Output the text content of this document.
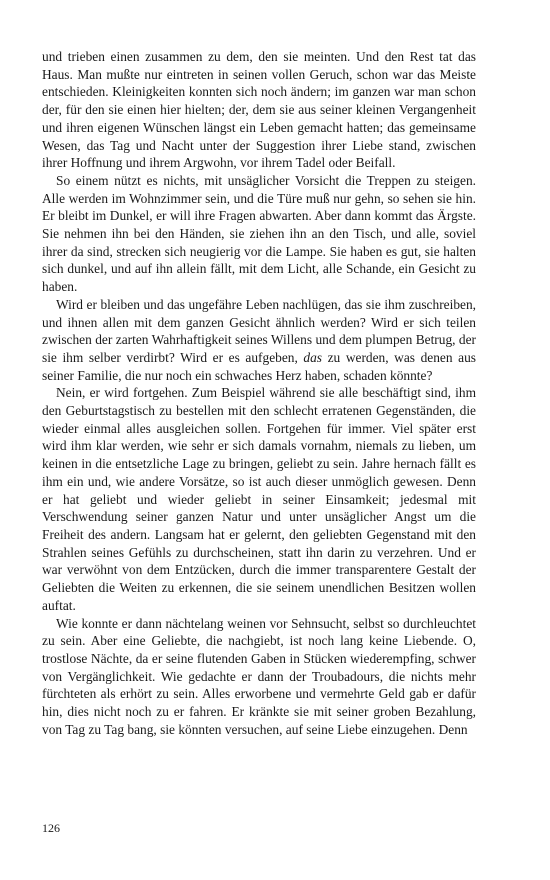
und trieben einen zusammen zu dem, den sie meinten. Und den Rest tat das Haus. Man mußte nur eintreten in seinen vollen Geruch, schon war das Meiste entschieden. Kleinigkeiten konnten sich noch ändern; im ganzen war man schon der, für den sie einen hier hielten; der, dem sie aus seiner kleinen Vergangenheit und ihren eigenen Wünschen längst ein Leben gemacht hatten; das gemeinsame Wesen, das Tag und Nacht unter der Suggestion ihrer Liebe stand, zwischen ihrer Hoffnung und ihrem Argwohn, vor ihrem Tadel oder Beifall.

So einem nützt es nichts, mit unsäglicher Vorsicht die Treppen zu steigen. Alle werden im Wohnzimmer sein, und die Türe muß nur gehn, so sehen sie hin. Er bleibt im Dunkel, er will ihre Fragen abwarten. Aber dann kommt das Ärgste. Sie nehmen ihn bei den Händen, sie ziehen ihn an den Tisch, und alle, soviel ihrer da sind, strecken sich neugierig vor die Lampe. Sie haben es gut, sie halten sich dunkel, und auf ihn allein fällt, mit dem Licht, alle Schande, ein Gesicht zu haben.

Wird er bleiben und das ungefähre Leben nachlügen, das sie ihm zuschreiben, und ihnen allen mit dem ganzen Gesicht ähnlich werden? Wird er sich teilen zwischen der zarten Wahrhaftigkeit seines Willens und dem plumpen Betrug, der sie ihm selber verdirbt? Wird er es aufgeben, das zu werden, was denen aus seiner Familie, die nur noch ein schwaches Herz haben, schaden könnte?

Nein, er wird fortgehen. Zum Beispiel während sie alle beschäftigt sind, ihm den Geburtstagstisch zu bestellen mit den schlecht erratenen Gegenständen, die wieder einmal alles ausgleichen sollen. Fortgehen für immer. Viel später erst wird ihm klar werden, wie sehr er sich damals vornahm, niemals zu lieben, um keinen in die entsetzliche Lage zu bringen, geliebt zu sein. Jahre hernach fällt es ihm ein und, wie andere Vorsätze, so ist auch dieser unmöglich gewesen. Denn er hat geliebt und wieder geliebt in seiner Einsamkeit; jedesmal mit Verschwendung seiner ganzen Natur und unter unsäglicher Angst um die Freiheit des andern. Langsam hat er gelernt, den geliebten Gegenstand mit den Strahlen seines Gefühls zu durchscheinen, statt ihn darin zu verzehren. Und er war verwöhnt von dem Entzücken, durch die immer transparentere Gestalt der Geliebten die Weiten zu erkennen, die sie seinem unendlichen Besitzen wollen auftat.

Wie konnte er dann nächtelang weinen vor Sehnsucht, selbst so durchleuchtet zu sein. Aber eine Geliebte, die nachgiebt, ist noch lang keine Liebende. O, trostlose Nächte, da er seine flutenden Gaben in Stücken wiederempfing, schwer von Vergänglichkeit. Wie gedachte er dann der Troubadours, die nichts mehr fürchteten als erhört zu sein. Alles erworbene und vermehrte Geld gab er dafür hin, dies nicht noch zu er fahren. Er kränkte sie mit seiner groben Bezahlung, von Tag zu Tag bang, sie könnten versuchen, auf seine Liebe einzugehen. Denn

126
